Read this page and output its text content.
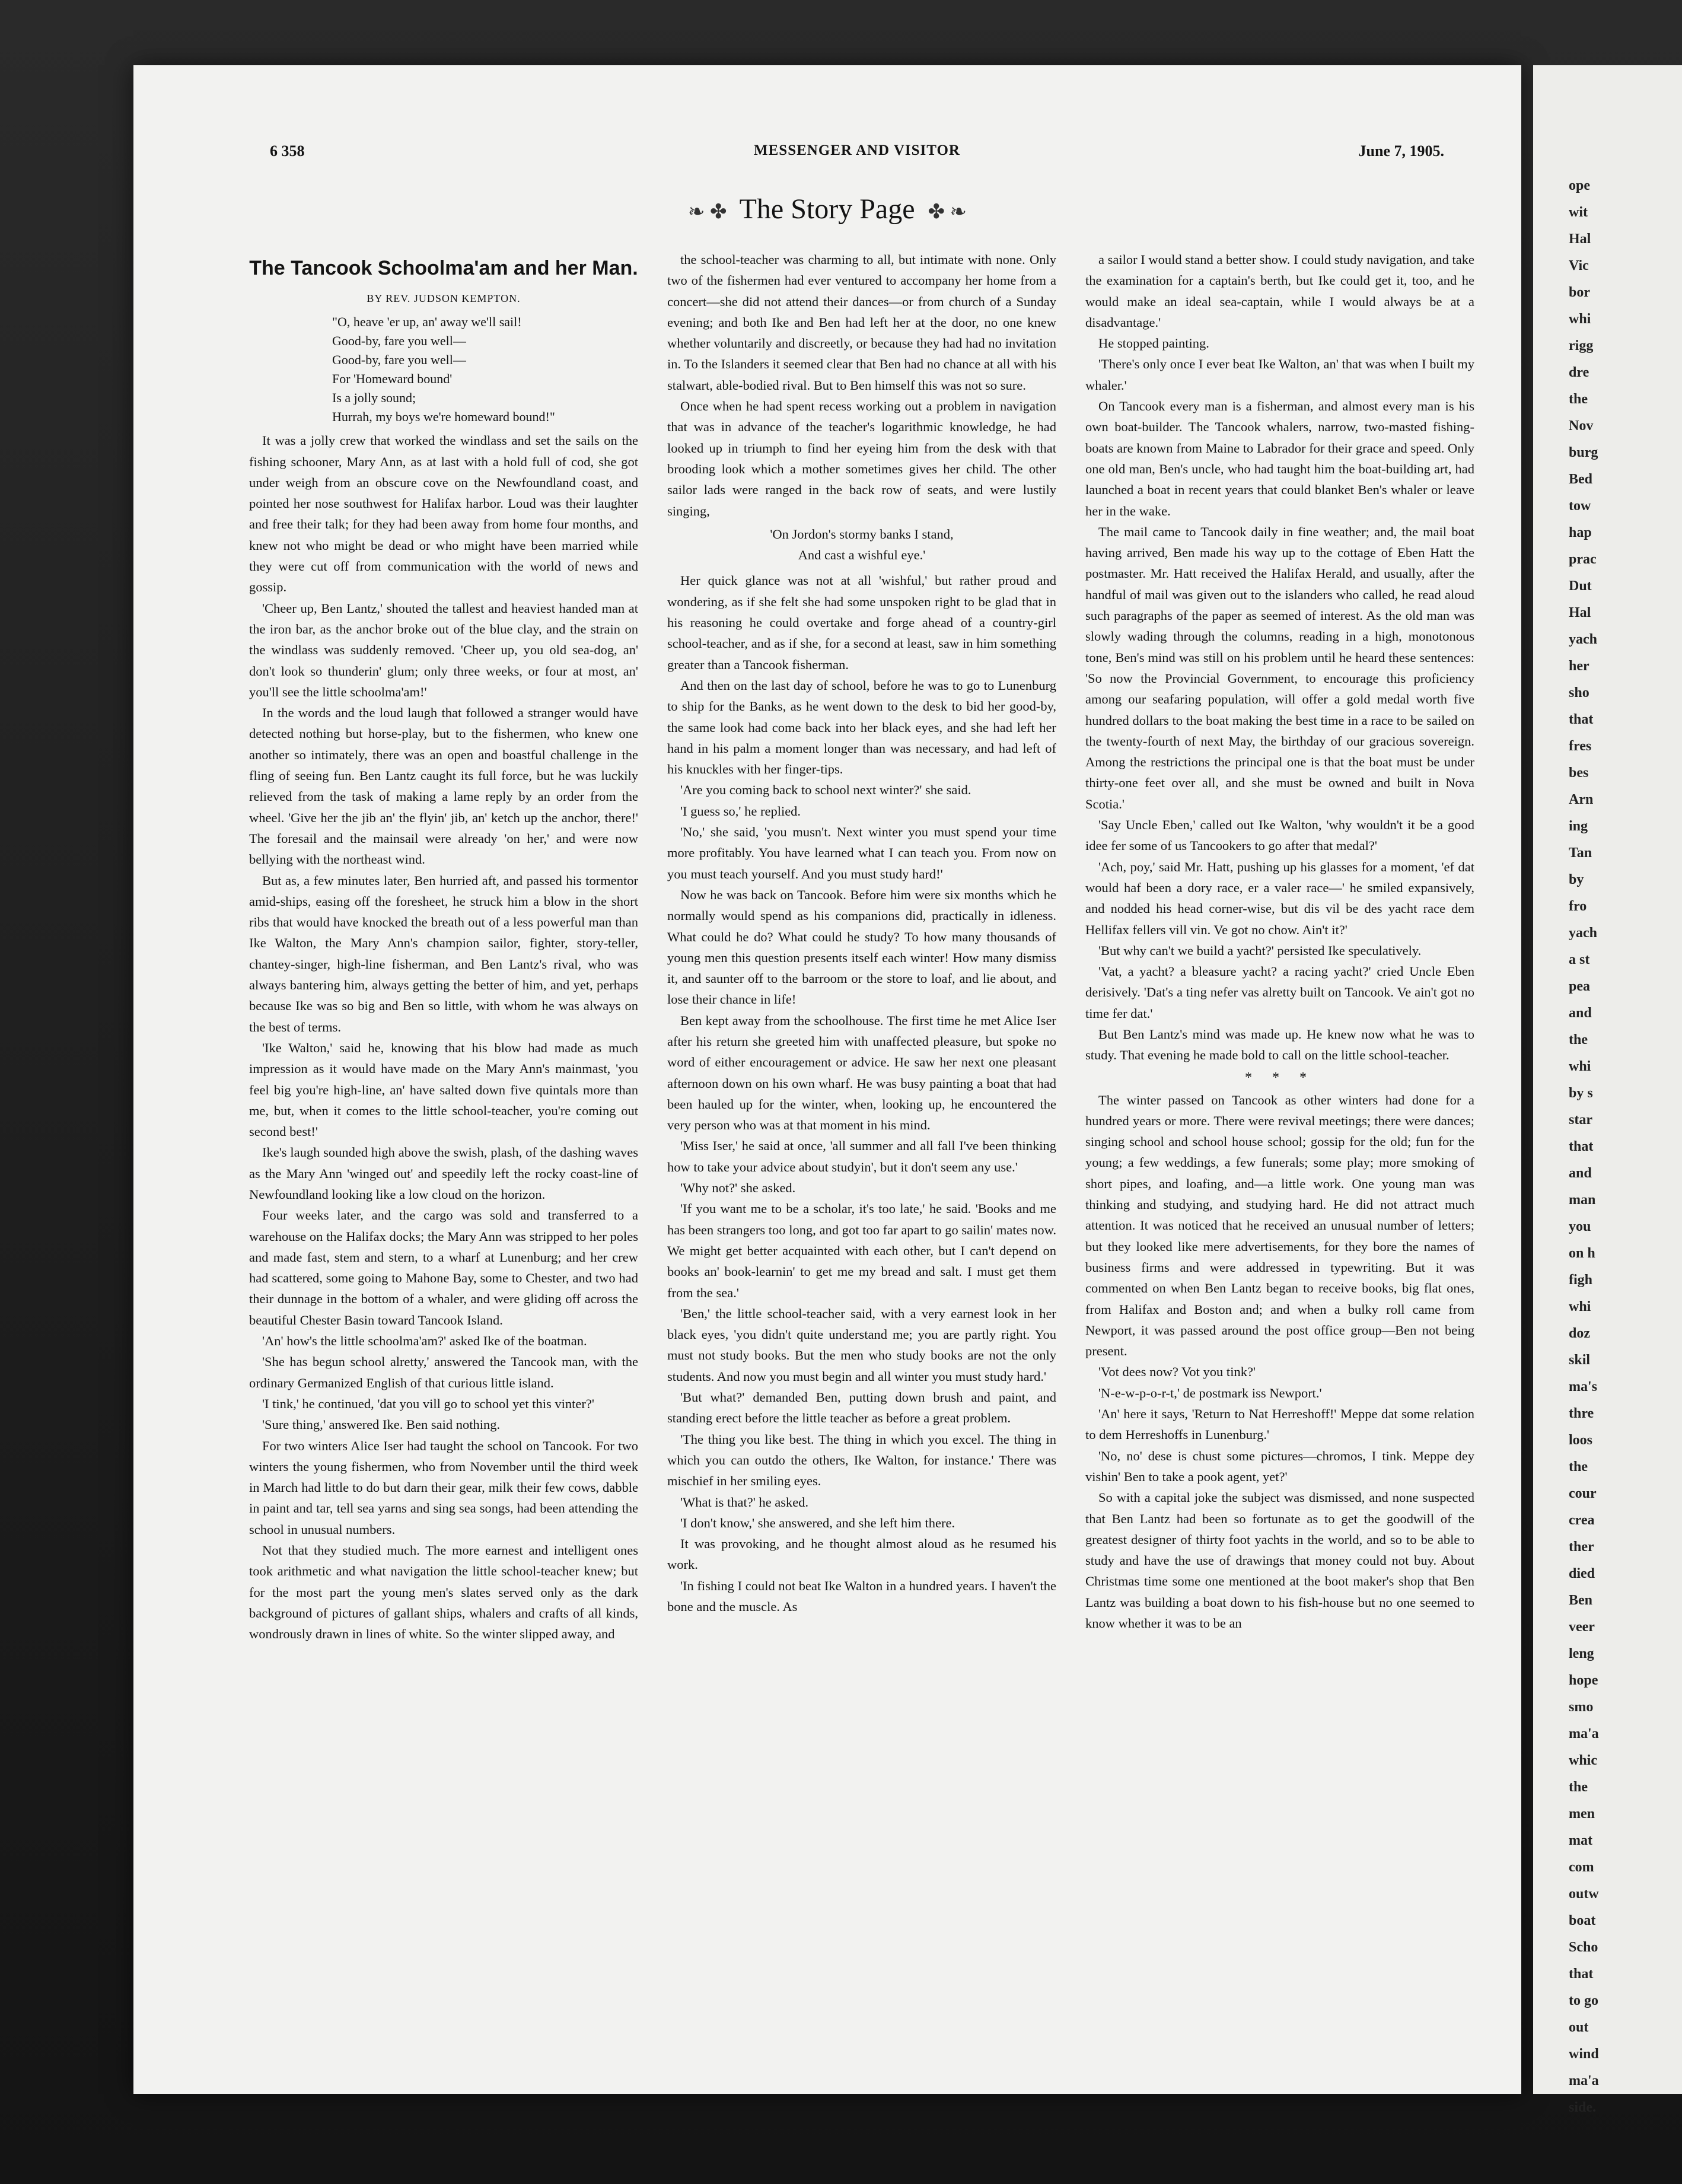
6 358	MESSENGER AND VISITOR	June 7, 1905.
❧ ✤ The Story Page ✤ ❧
The Tancook Schoolma'am and her Man.
BY REV. JUDSON KEMPTON.
"O, heave 'er up, an' away we'll sail!
Good-by, fare you well—
Good-by, fare you well—
For 'Homeward bound'
Is a jolly sound;
Hurrah, my boys we're homeward bound!"

It was a jolly crew that worked the windlass and set the sails on the fishing schooner, Mary Ann, as at last with a hold full of cod, she got under weigh from an obscure cove on the Newfoundland coast, and pointed her nose southwest for Halifax harbor. Loud was their laughter and free their talk; for they had been away from home four months, and knew not who might be dead or who might have been married while they were cut off from communication with the world of news and gossip.

'Cheer up, Ben Lantz,' shouted the tallest and heaviest handed man at the iron bar, as the anchor broke out of the blue clay, and the strain on the windlass was suddenly removed. 'Cheer up, you old sea-dog, an' don't look so thunderin' glum; only three weeks, or four at most, an' you'll see the little schoolma'am!'

In the words and the loud laugh that followed a stranger would have detected nothing but horse-play, but to the fishermen, who knew one another so intimately, there was an open and boastful challenge in the fling of seeing fun. Ben Lantz caught its full force, but he was luckily relieved from the task of making a lame reply by an order from the wheel. 'Give her the jib an' the flyin' jib, an' ketch up the anchor, there!' The foresail and the mainsail were already 'on her,' and were now bellying with the northeast wind.

But as, a few minutes later, Ben hurried aft, and passed his tormentor amid-ships, easing off the foresheet, he struck him a blow in the short ribs that would have knocked the breath out of a less powerful man than Ike Walton, the Mary Ann's champion sailor, fighter, story-teller, chantey-singer, high-line fisherman, and Ben Lantz's rival, who was always bantering him, always getting the better of him, and yet, perhaps because Ike was so big and Ben so little, with whom he was always on the best of terms.

'Ike Walton,' said he, knowing that his blow had made as much impression as it would have made on the Mary Ann's mainmast, 'you feel big you're high-line, an' have salted down five quintals more than me, but, when it comes to the little school-teacher, you're coming out second best!'

Ike's laugh sounded high above the swish, plash, of the dashing waves as the Mary Ann 'winged out' and speedily left the rocky coast-line of Newfoundland looking like a low cloud on the horizon.

Four weeks later, and the cargo was sold and transferred to a warehouse on the Halifax docks; the Mary Ann was stripped to her poles and made fast, stem and stern, to a wharf at Lunenburg; and her crew had scattered, some going to Mahone Bay, some to Chester, and two had their dunnage in the bottom of a whaler, and were gliding off across the beautiful Chester Basin toward Tancook Island.

'An' how's the little schoolma'am?' asked Ike of the boatman.

'She has begun school alretty,' answered the Tancook man, with the ordinary Germanized English of that curious little island.

'I tink,' he continued, 'dat you vill go to school yet this vinter?'

'Sure thing,' answered Ike. Ben said nothing.

For two winters Alice Iser had taught the school on Tancook. For two winters the young fishermen, who from November until the third week in March had little to do but darn their gear, milk their few cows, dabble in paint and tar, tell sea yarns and sing sea songs, had been attending the school in unusual numbers.

Not that they studied much. The more earnest and intelligent ones took arithmetic and what navigation the little school-teacher knew; but for the most part the young men's slates served only as the dark background of pictures of gallant ships, whalers and crafts of all kinds, wondrously drawn in lines of white. So the winter slipped away, and

the school-teacher was charming to all, but intimate with none. Only two of the fishermen had ever ventured to accompany her home from a concert—she did not attend their dances—or from church of a Sunday evening; and both Ike and Ben had left her at the door, no one knew whether voluntarily and discreetly, or because they had had no invitation in. To the Islanders it seemed clear that Ben had no chance at all with his stalwart, able-bodied rival. But to Ben himself this was not so sure.

Once when he had spent recess working out a problem in navigation that was in advance of the teacher's logarithmic knowledge, he had looked up in triumph to find her eyeing him from the desk with that brooding look which a mother sometimes gives her child. The other sailor lads were ranged in the back row of seats, and were lustily singing,

'On Jordon's stormy banks I stand,
And cast a wishful eye.'

Her quick glance was not at all 'wishful,' but rather proud and wondering, as if she felt she had some unspoken right to be glad that in his reasoning he could overtake and forge ahead of a country-girl school-teacher, and as if she, for a second at least, saw in him something greater than a Tancook fisherman.

And then on the last day of school, before he was to go to Lunenburg to ship for the Banks, as he went down to the desk to bid her good-by, the same look had come back into her black eyes, and she had left her hand in his palm a moment longer than was necessary, and had left of his knuckles with her finger-tips.

'Are you coming back to school next winter?' she said.

'I guess so,' he replied.

'No,' she said, 'you musn't. Next winter you must spend your time more profitably. You have learned what I can teach you. From now on you must teach yourself. And you must study hard!'

Now he was back on Tancook. Before him were six months which he normally would spend as his companions did, practically in idleness. What could he do? What could he study? To how many thousands of young men this question presents itself each winter! How many dismiss it, and saunter off to the barroom or the store to loaf, and lie about, and lose their chance in life!

Ben kept away from the schoolhouse. The first time he met Alice Iser after his return she greeted him with unaffected pleasure, but spoke no word of either encouragement or advice. He saw her next one pleasant afternoon down on his own wharf. He was busy painting a boat that had been hauled up for the winter, when, looking up, he encountered the very person who was at that moment in his mind.

'Miss Iser,' he said at once, 'all summer and all fall I've been thinking how to take your advice about studyin', but it don't seem any use.'

'Why not?' she asked.

'If you want me to be a scholar, it's too late,' he said. 'Books and me has been strangers too long, and got too far apart to go sailin' mates now. We might get better acquainted with each other, but I can't depend on books an' book-learnin' to get me my bread and salt. I must get them from the sea.'

'Ben,' the little school-teacher said, with a very earnest look in her black eyes, 'you didn't quite understand me; you are partly right. You must not study books. But the men who study books are not the only students. And now you must begin and all winter you must study hard.'

'But what?' demanded Ben, putting down brush and paint, and standing erect before the little teacher as before a great problem.

'The thing you like best. The thing in which you excel. The thing in which you can outdo the others, Ike Walton, for instance.' There was mischief in her smiling eyes.

'What is that?' he asked.

'I don't know,' she answered, and she left him there.

It was provoking, and he thought almost aloud as he resumed his work.

'In fishing I could not beat Ike Walton in a hundred years. I haven't the bone and the muscle. As

a sailor I would stand a better show. I could study navigation, and take the examination for a captain's berth, but Ike could get it, too, and he would make an ideal sea-captain, while I would always be at a disadvantage.'

He stopped painting.

'There's only once I ever beat Ike Walton, an' that was when I built my whaler.'

On Tancook every man is a fisherman, and almost every man is his own boat-builder. The Tancook whalers, narrow, two-masted fishing-boats are known from Maine to Labrador for their grace and speed. Only one old man, Ben's uncle, who had taught him the boat-building art, had launched a boat in recent years that could blanket Ben's whaler or leave her in the wake.

The mail came to Tancook daily in fine weather; and, the mail boat having arrived, Ben made his way up to the cottage of Eben Hatt the postmaster. Mr. Hatt received the Halifax Herald, and usually, after the handful of mail was given out to the islanders who called, he read aloud such paragraphs of the paper as seemed of interest. As the old man was slowly wading through the columns, reading in a high, monotonous tone, Ben's mind was still on his problem until he heard these sentences: 'So now the Provincial Government, to encourage this proficiency among our seafaring population, will offer a gold medal worth five hundred dollars to the boat making the best time in a race to be sailed on the twenty-fourth of next May, the birthday of our gracious sovereign. Among the restrictions the principal one is that the boat must be under thirty-one feet over all, and she must be owned and built in Nova Scotia.'

'Say Uncle Eben,' called out Ike Walton, 'why wouldn't it be a good idee fer some of us Tancookers to go after that medal?'

'Ach, poy,' said Mr. Hatt, pushing up his glasses for a moment, 'ef dat would haf been a dory race, er a valer race—' he smiled expansively, and nodded his head corner-wise, but dis vil be des yacht race dem Hellifax fellers vill vin. Ve got no chow. Ain't it?'

'But why can't we build a yacht?' persisted Ike speculatively.

'Vat, a yacht? a bleasure yacht? a racing yacht?' cried Uncle Eben derisively. 'Dat's a ting nefer vas alretty built on Tancook. Ve ain't got no time fer dat.'

But Ben Lantz's mind was made up. He knew now what he was to study. That evening he made bold to call on the little school-teacher.

* * *

The winter passed on Tancook as other winters had done for a hundred years or more. There were revival meetings; there were dances; singing school and school house school; gossip for the old; fun for the young; a few weddings, a few funerals; some play; more smoking of short pipes, and loafing, and—a little work. One young man was thinking and studying, and studying hard. He did not attract much attention. It was noticed that he received an unusual number of letters; but they looked like mere advertisements, for they bore the names of business firms and were addressed in typewriting. But it was commented on when Ben Lantz began to receive books, big flat ones, from Halifax and Boston and; and when a bulky roll came from Newport, it was passed around the post office group—Ben not being present.

'Vot dees now? Vot you tink?'

'N-e-w-p-o-r-t,' de postmark iss Newport.'

'An' here it says, 'Return to Nat Herreshoff!' Meppe dat some relation to dem Herreshoffs in Lunenburg.'

'No, no' dese is chust some pictures—chromos, I tink. Meppe dey vishin' Ben to take a pook agent, yet?'

So with a capital joke the subject was dismissed, and none suspected that Ben Lantz had been so fortunate as to get the goodwill of the greatest designer of thirty foot yachts in the world, and so to be able to study and have the use of drawings that money could not buy. About Christmas time some one mentioned at the boot maker's shop that Ben Lantz was building a boat down to his fish-house but no one seemed to know whether it was to be an

ope
wit
Hal
Vic
bor
whi
rigg
dre
the
Nov
burg
Bed
tow
hap
prac
Dut
Hal
yach
her
sho
that
fres
bes
Arn
ing
Tan
by
fro
yach
a st
pea
and
the
whi
by s
star
that
and
man
you
on h
figh
whi
doz
skil
ma's
thre
loos
the
cour
crea
ther
died
Ben
veer
leng
hope
smo
ma'a
whic
the
men
mat
com
outw
boat
Scho
that
to go
out
wind
ma'a
side.
